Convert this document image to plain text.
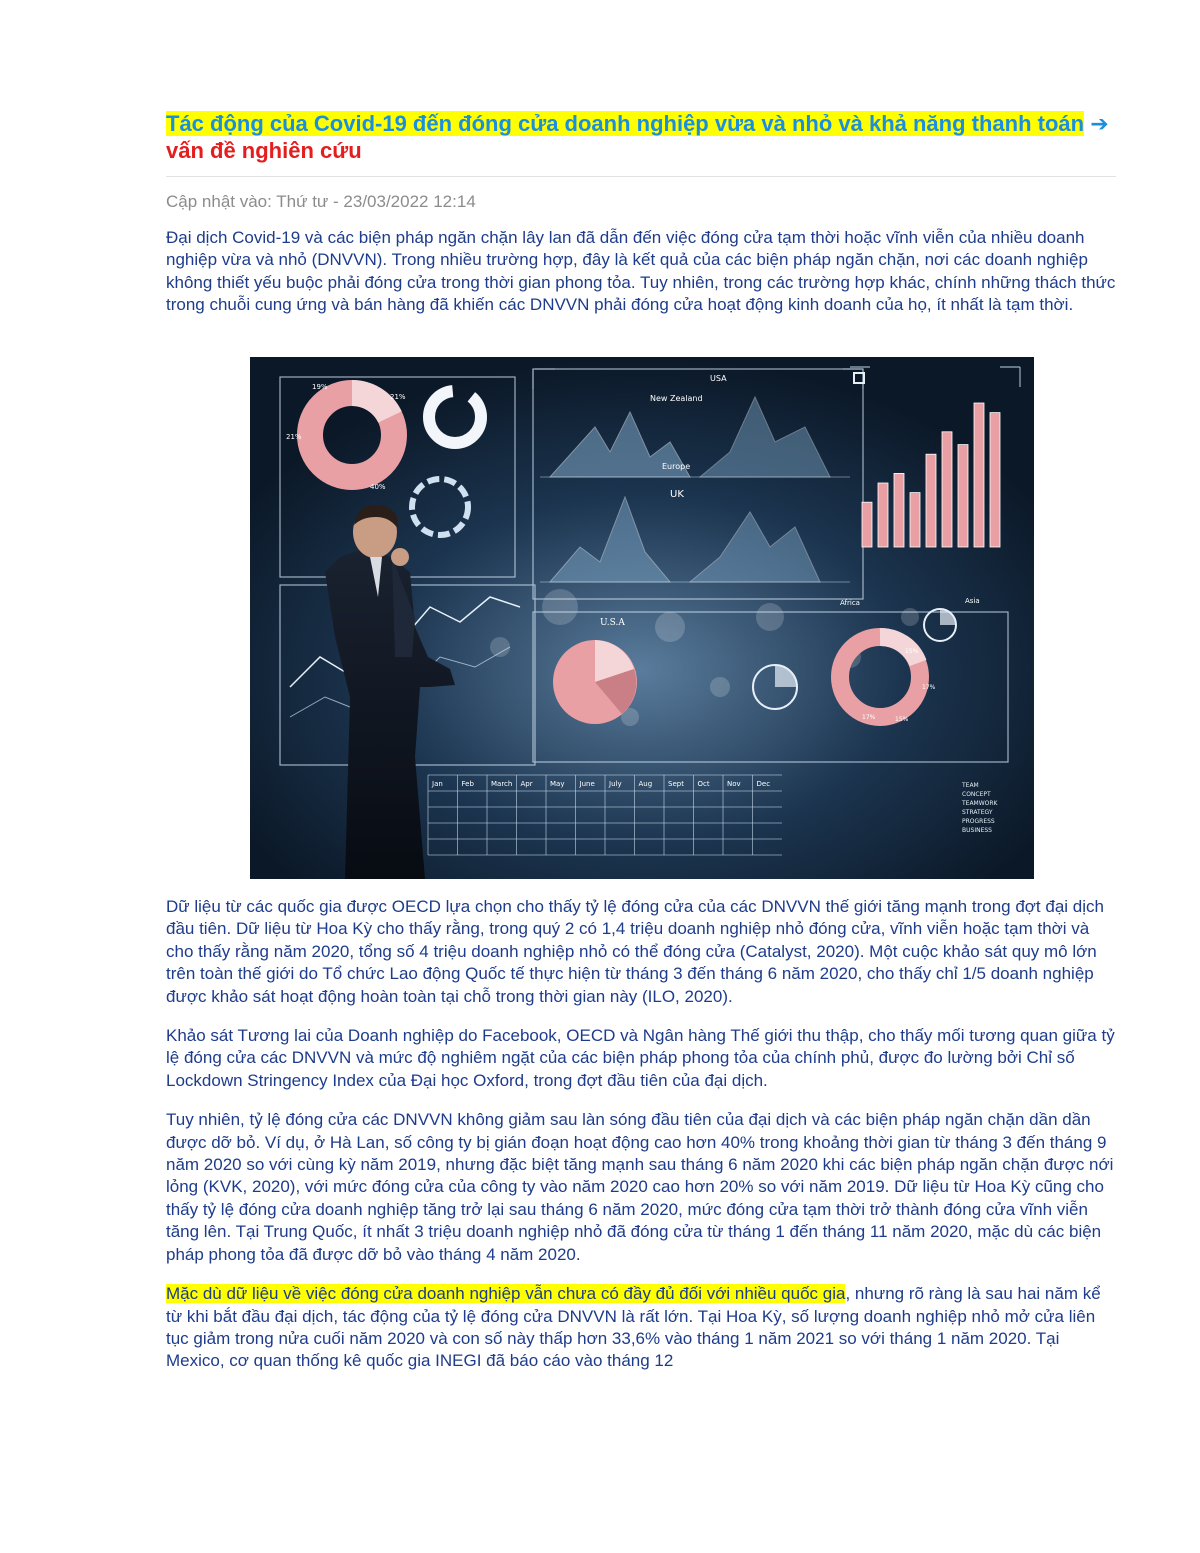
Tác động của Covid-19 đến đóng cửa doanh nghiệp vừa và nhỏ và khả năng thanh toán ➔ vấn đề nghiên cứu

Cập nhật vào: Thứ tư - 23/03/2022 12:14

Đại dịch Covid-19 và các biện pháp ngăn chặn lây lan đã dẫn đến việc đóng cửa tạm thời hoặc vĩnh viễn của nhiều doanh nghiệp vừa và nhỏ (DNVVN). Trong nhiều trường hợp, đây là kết quả của các biện pháp ngăn chặn, nơi các doanh nghiệp không thiết yếu buộc phải đóng cửa trong thời gian phong tỏa. Tuy nhiên, trong các trường hợp khác, chính những thách thức trong chuỗi cung ứng và bán hàng đã khiến các DNVVN phải đóng cửa hoạt động kinh doanh của họ, ít nhất là tạm thời.

19%
21%
21%
40%
USA
New Zealand
Europe
UK
U.S.A
Africa	Asia
15%
17%
15%
17%
Jan	Feb March Apr May June July Aug Sept Oct Nov Dec	TEAM
CONCEPT
TEAMWORK
STRATEGY
PROGRESS
BUSINESS

Dữ liệu từ các quốc gia được OECD lựa chọn cho thấy tỷ lệ đóng cửa của các DNVVN thế giới tăng mạnh trong đợt đại dịch đầu tiên. Dữ liệu từ Hoa Kỳ cho thấy rằng, trong quý 2 có 1,4 triệu doanh nghiệp nhỏ đóng cửa, vĩnh viễn hoặc tạm thời và cho thấy rằng năm 2020, tổng số 4 triệu doanh nghiệp nhỏ có thể đóng cửa (Catalyst, 2020). Một cuộc khảo sát quy mô lớn trên toàn thế giới do Tổ chức Lao động Quốc tế thực hiện từ tháng 3 đến tháng 6 năm 2020, cho thấy chỉ 1/5 doanh nghiệp được khảo sát hoạt động hoàn toàn tại chỗ trong thời gian này (ILO, 2020).

Khảo sát Tương lai của Doanh nghiệp do Facebook, OECD và Ngân hàng Thế giới thu thập, cho thấy mối tương quan giữa tỷ lệ đóng cửa các DNVVN và mức độ nghiêm ngặt của các biện pháp phong tỏa của chính phủ, được đo lường bởi Chỉ số Lockdown Stringency Index của Đại học Oxford, trong đợt đầu tiên của đại dịch.

Tuy nhiên, tỷ lệ đóng cửa các DNVVN không giảm sau làn sóng đầu tiên của đại dịch và các biện pháp ngăn chặn dần dần được dỡ bỏ. Ví dụ, ở Hà Lan, số công ty bị gián đoạn hoạt động cao hơn 40% trong khoảng thời gian từ tháng 3 đến tháng 9 năm 2020 so với cùng kỳ năm 2019, nhưng đặc biệt tăng mạnh sau tháng 6 năm 2020 khi các biện pháp ngăn chặn được nới lỏng (KVK, 2020), với mức đóng cửa của công ty vào năm 2020 cao hơn 20% so với năm 2019. Dữ liệu từ Hoa Kỳ cũng cho thấy tỷ lệ đóng cửa doanh nghiệp tăng trở lại sau tháng 6 năm 2020, mức đóng cửa tạm thời trở thành đóng cửa vĩnh viễn tăng lên. Tại Trung Quốc, ít nhất 3 triệu doanh nghiệp nhỏ đã đóng cửa từ tháng 1 đến tháng 11 năm 2020, mặc dù các biện pháp phong tỏa đã được dỡ bỏ vào tháng 4 năm 2020.

Mặc dù dữ liệu về việc đóng cửa doanh nghiệp vẫn chưa có đầy đủ đối với nhiều quốc gia, nhưng rõ ràng là sau hai năm kể từ khi bắt đầu đại dịch, tác động của tỷ lệ đóng cửa DNVVN là rất lớn. Tại Hoa Kỳ, số lượng doanh nghiệp nhỏ mở cửa liên tục giảm trong nửa cuối năm 2020 và con số này thấp hơn 33,6% vào tháng 1 năm 2021 so với tháng 1 năm 2020. Tại Mexico, cơ quan thống kê quốc gia INEGI đã báo cáo vào tháng 12
